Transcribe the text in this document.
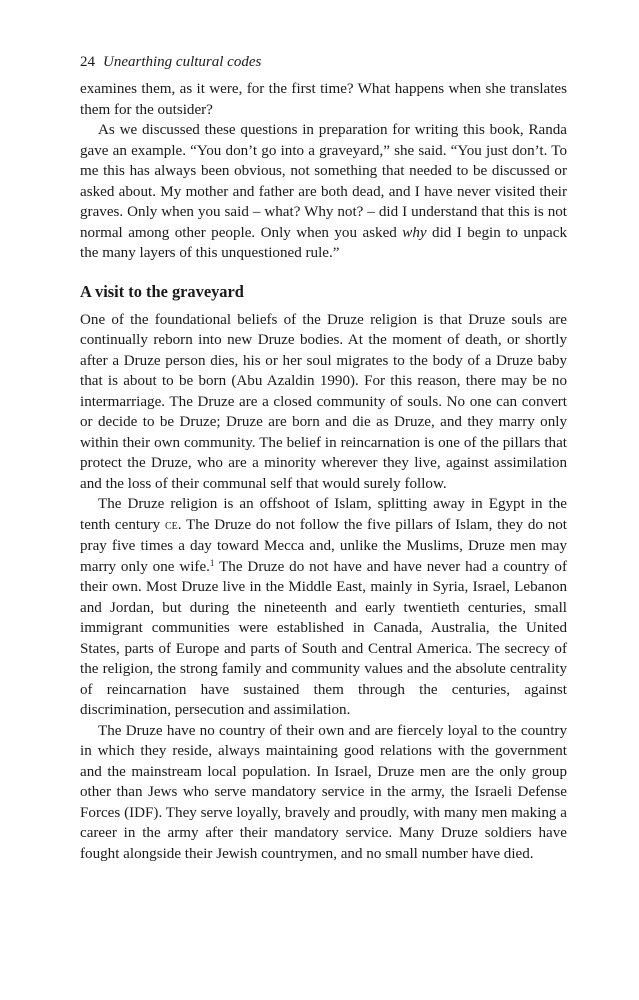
24 Unearthing cultural codes

examines them, as it were, for the first time? What happens when she translates them for the outsider?

As we discussed these questions in preparation for writing this book, Randa gave an example. “You don’t go into a graveyard,” she said. “You just don’t. To me this has always been obvious, not something that needed to be discussed or asked about. My mother and father are both dead, and I have never visited their graves. Only when you said – what? Why not? – did I understand that this is not normal among other people. Only when you asked why did I begin to unpack the many layers of this unquestioned rule.”

A visit to the graveyard

One of the foundational beliefs of the Druze religion is that Druze souls are continually reborn into new Druze bodies. At the moment of death, or shortly after a Druze person dies, his or her soul migrates to the body of a Druze baby that is about to be born (Abu Azaldin 1990). For this reason, there may be no intermarriage. The Druze are a closed community of souls. No one can convert or decide to be Druze; Druze are born and die as Druze, and they marry only within their own community. The belief in reincarnation is one of the pillars that protect the Druze, who are a minority wherever they live, against assimilation and the loss of their communal self that would surely follow.

The Druze religion is an offshoot of Islam, splitting away in Egypt in the tenth century ce. The Druze do not follow the five pillars of Islam, they do not pray five times a day toward Mecca and, unlike the Muslims, Druze men may marry only one wife.$^1$ The Druze do not have and have never had a country of their own. Most Druze live in the Middle East, mainly in Syria, Israel, Lebanon and Jordan, but during the nineteenth and early twentieth centuries, small immigrant communities were established in Canada, Australia, the United States, parts of Europe and parts of South and Central America. The secrecy of the religion, the strong family and community values and the absolute centrality of reincarnation have sustained them through the centuries, against discrimination, persecution and assimilation.

The Druze have no country of their own and are fiercely loyal to the country in which they reside, always maintaining good relations with the government and the mainstream local population. In Israel, Druze men are the only group other than Jews who serve mandatory service in the army, the Israeli Defense Forces (IDF). They serve loyally, bravely and proudly, with many men making a career in the army after their mandatory service. Many Druze soldiers have fought alongside their Jewish countrymen, and no small number have died.
